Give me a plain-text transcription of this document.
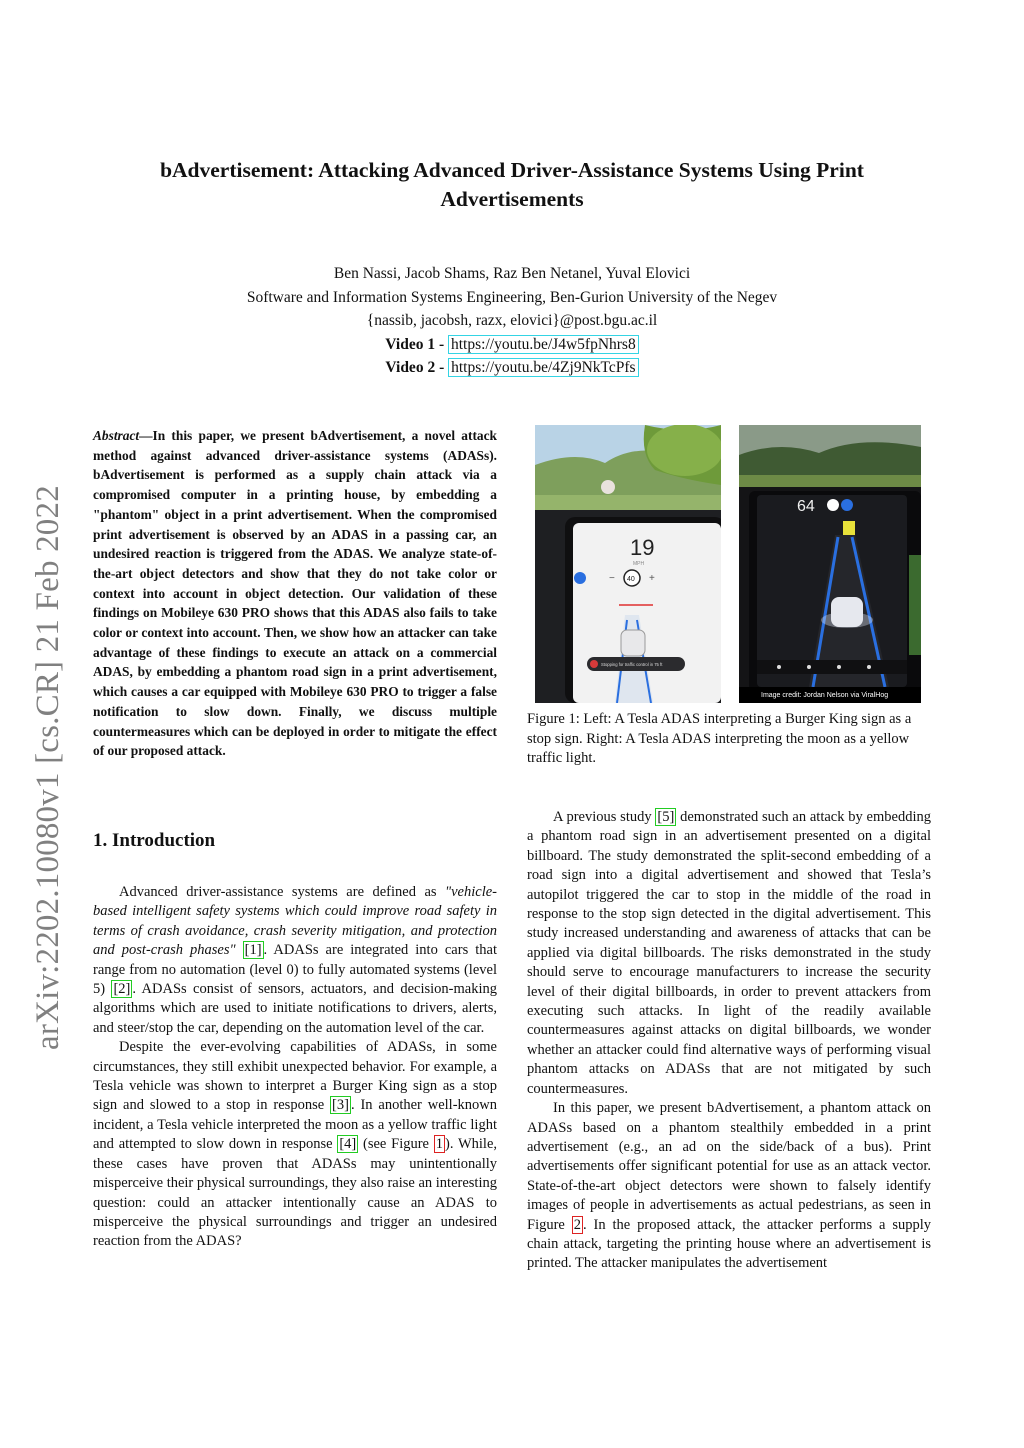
arXiv:2202.10080v1 [cs.CR] 21 Feb 2022
bAdvertisement: Attacking Advanced Driver-Assistance Systems Using Print
Advertisements
Ben Nassi, Jacob Shams, Raz Ben Netanel, Yuval Elovici
Software and Information Systems Engineering, Ben-Gurion University of the Negev
{nassib, jacobsh, razx, elovici}@post.bgu.ac.il
Video 1 - https://youtu.be/J4w5fpNhrs8
Video 2 - https://youtu.be/4Zj9NkTcPfs
Abstract—In this paper, we present bAdvertisement, a novel attack method against advanced driver-assistance systems (ADASs). bAdvertisement is performed as a supply chain attack via a compromised computer in a printing house, by embedding a "phantom" object in a print advertisement. When the compromised print advertisement is observed by an ADAS in a passing car, an undesired reaction is triggered from the ADAS. We analyze state-of-the-art object detectors and show that they do not take color or context into account in object detection. Our validation of these findings on Mobileye 630 PRO shows that this ADAS also fails to take color or context into account. Then, we show how an attacker can take advantage of these findings to execute an attack on a commercial ADAS, by embedding a phantom road sign in a print advertisement, which causes a car equipped with Mobileye 630 PRO to trigger a false notification to slow down. Finally, we discuss multiple countermeasures which can be deployed in order to mitigate the effect of our proposed attack.
1. Introduction

Advanced driver-assistance systems are defined as "vehicle-based intelligent safety systems which could improve road safety in terms of crash avoidance, crash severity mitigation, and protection and post-crash phases" [1] . ADASs are integrated into cars that range from no automation (level 0) to fully automated systems (level 5) [2] . ADASs consist of sensors, actuators, and decision-making algorithms which are used to initiate notifications to drivers, alerts, and steer/stop the car, depending on the automation level of the car.

Despite the ever-evolving capabilities of ADASs, in some circumstances, they still exhibit unexpected behavior. For example, a Tesla vehicle was shown to interpret a Burger King sign as a stop sign and slowed to a stop in response [3] . In another well-known incident, a Tesla vehicle interpreted the moon as a yellow traffic light and attempted to slow down in response [4] (see Figure 1 ). While, these cases have proven that ADASs may unintentionally misperceive their physical surroundings, they also raise an interesting question: could an attacker intentionally cause an ADAS to misperceive the physical surroundings and trigger an undesired reaction from the ADAS?

19
MPH
40
−	+
Stopping for traffic control in 75 ft
64
Image credit: Jordan Nelson via ViralHog
Figure 1: Left: A Tesla ADAS interpreting a Burger King sign as a stop sign. Right: A Tesla ADAS interpreting the moon as a yellow traffic light.

A previous study [5] demonstrated such an attack by embedding a phantom road sign in an advertisement presented on a digital billboard. The study demonstrated the split-second embedding of a road sign into a digital advertisement and showed that Tesla’s autopilot triggered the car to stop in the middle of the road in response to the stop sign detected in the digital advertisement. This study increased understanding and awareness of attacks that can be applied via digital billboards. The risks demonstrated in the study should serve to encourage manufacturers to increase the security level of their digital billboards, in order to prevent attackers from executing such attacks. In light of the readily available countermeasures against attacks on digital billboards, we wonder whether an attacker could find alternative ways of performing visual phantom attacks on ADASs that are not mitigated by such countermeasures.

In this paper, we present bAdvertisement, a phantom attack on ADASs based on a phantom stealthily embedded in a print advertisement (e.g., an ad on the side/back of a bus). Print advertisements offer significant potential for use as an attack vector. State-of-the-art object detectors were shown to falsely identify images of people in advertisements as actual pedestrians, as seen in Figure 2 . In the proposed attack, the attacker performs a supply chain attack, targeting the printing house where an advertisement is printed. The attacker manipulates the advertisement
